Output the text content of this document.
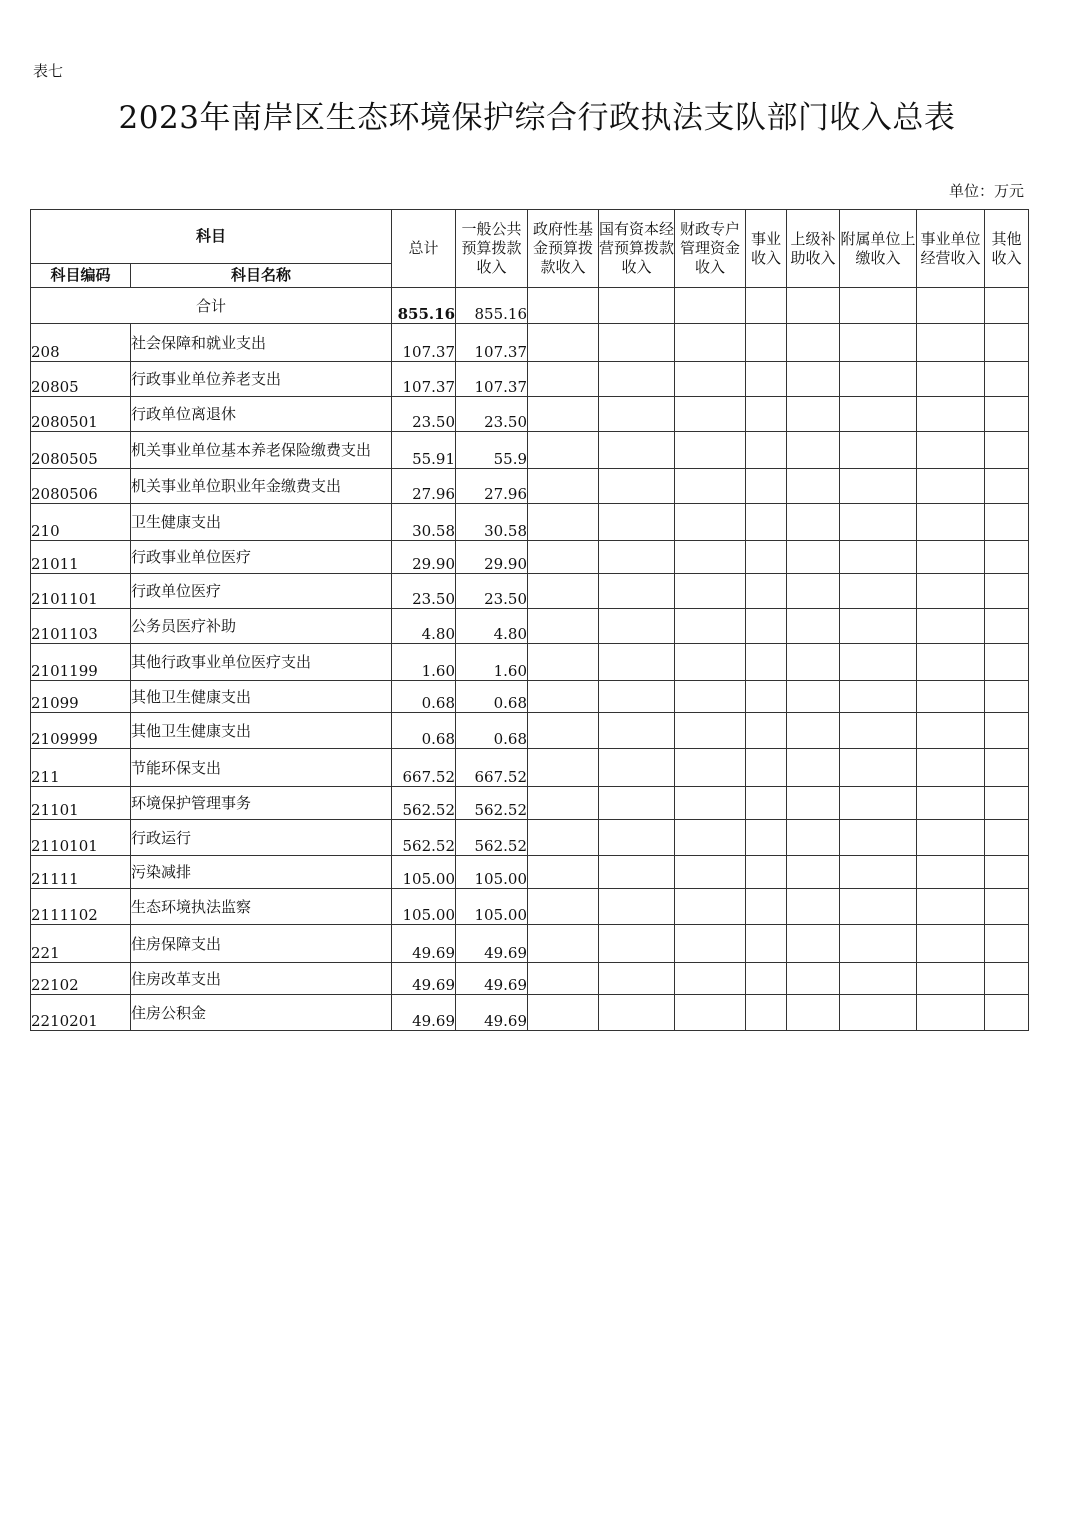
表七
2023年南岸区生态环境保护综合行政执法支队部门收入总表
单位：万元
科目		总计	一般公共预算拨款收入	政府性基金预算拨款收入	国有资本经营预算拨款收入	财政专户管理资金收入	事业收入	上级补助收入	附属单位上缴收入	事业单位经营收入	其他收入
科目编码	科目名称										
合计		855.16	855.16								
208	社会保障和就业支出	107.37	107.37								
20805	行政事业单位养老支出	107.37	107.37								
2080501	行政单位离退休	23.50	23.50								
2080505	机关事业单位基本养老保险缴费支出	55.91	55.9								
2080506	机关事业单位职业年金缴费支出	27.96	27.96								
210	卫生健康支出	30.58	30.58								
21011	行政事业单位医疗	29.90	29.90								
2101101	行政单位医疗	23.50	23.50								
2101103	公务员医疗补助	4.80	4.80								
2101199	其他行政事业单位医疗支出	1.60	1.60								
21099	其他卫生健康支出	0.68	0.68								
2109999	其他卫生健康支出	0.68	0.68								
211	节能环保支出	667.52	667.52								
21101	环境保护管理事务	562.52	562.52								
2110101	行政运行	562.52	562.52								
21111	污染减排	105.00	105.00								
2111102	生态环境执法监察	105.00	105.00								
221	住房保障支出	49.69	49.69								
22102	住房改革支出	49.69	49.69								
2210201	住房公积金	49.69	49.69								
